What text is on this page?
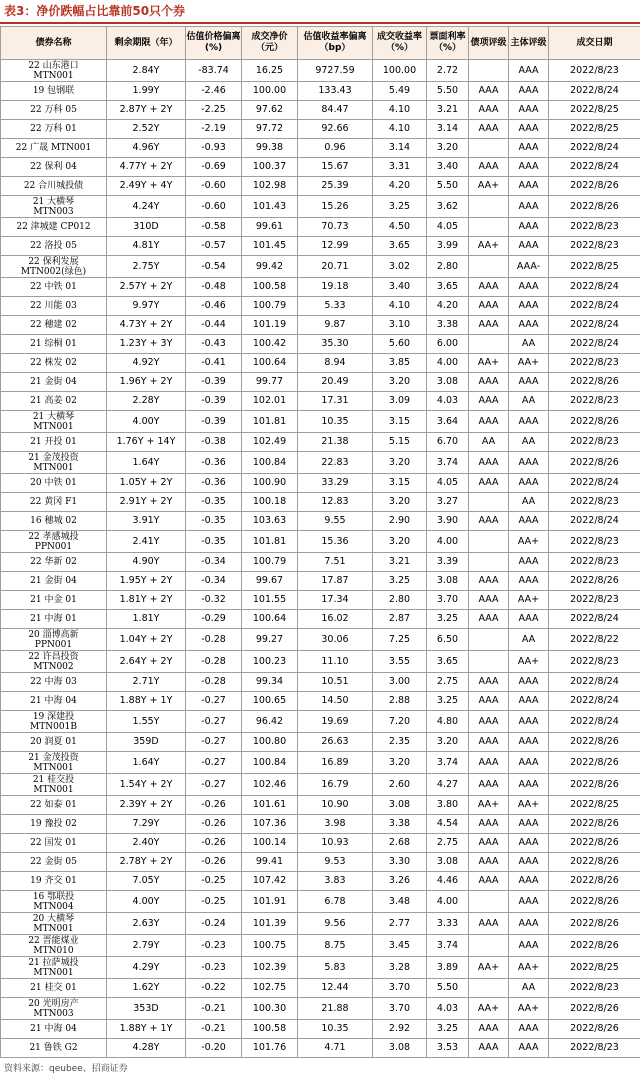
表3：净价跌幅占比靠前50只个券
债券名称	剩余期限（年）	估值价格偏离(%)	成交净价（元）	估值收益率偏离（bp）	成交收益率（%）	票面利率（%）	债项评级	主体评级	成交日期
22 山东港口
MTN001	2.84Y	-83.74	16.25	9727.59	100.00	2.72		AAA	2022/8/23
19 包钢联	1.99Y	-2.46	100.00	133.43	5.49	5.50	AAA	AAA	2022/8/24
22 万科 05	2.87Y + 2Y	-2.25	97.62	84.47	4.10	3.21	AAA	AAA	2022/8/25
22 万科 01	2.52Y	-2.19	97.72	92.66	4.10	3.14	AAA	AAA	2022/8/25
22 广晟 MTN001	4.96Y	-0.93	99.38	0.96	3.14	3.20		AAA	2022/8/24
22 保利 04	4.77Y + 2Y	-0.69	100.37	15.67	3.31	3.40	AAA	AAA	2022/8/24
22 合川城投债	2.49Y + 4Y	-0.60	102.98	25.39	4.20	5.50	AA+	AAA	2022/8/26
21 大横琴
MTN003	4.24Y	-0.60	101.43	15.26	3.25	3.62		AAA	2022/8/26
22 津城建 CP012	310D	-0.58	99.61	70.73	4.50	4.05		AAA	2022/8/23
22 洛投 05	4.81Y	-0.57	101.45	12.99	3.65	3.99	AA+	AAA	2022/8/23
22 保利发展
MTN002(绿色)	2.75Y	-0.54	99.42	20.71	3.02	2.80		AAA-	2022/8/25
22 中铁 01	2.57Y + 2Y	-0.48	100.58	19.18	3.40	3.65	AAA	AAA	2022/8/24
22 川能 03	9.97Y	-0.46	100.79	5.33	4.10	4.20	AAA	AAA	2022/8/24
22 穗建 02	4.73Y + 2Y	-0.44	101.19	9.87	3.10	3.38	AAA	AAA	2022/8/24
21 综桐 01	1.23Y + 3Y	-0.43	100.42	35.30	5.60	6.00		AA	2022/8/24
22 株发 02	4.92Y	-0.41	100.64	8.94	3.85	4.00	AA+	AA+	2022/8/23
21 金街 04	1.96Y + 2Y	-0.39	99.77	20.49	3.20	3.08	AAA	AAA	2022/8/26
21 高姜 02	2.28Y	-0.39	102.01	17.31	3.09	4.03	AAA	AA	2022/8/23
21 大横琴
MTN001	4.00Y	-0.39	101.81	10.35	3.15	3.64	AAA	AAA	2022/8/26
21 开投 01	1.76Y + 14Y	-0.38	102.49	21.38	5.15	6.70	AA	AA	2022/8/23
21 金茂投资
MTN001	1.64Y	-0.36	100.84	22.83	3.20	3.74	AAA	AAA	2022/8/26
20 中铁 01	1.05Y + 2Y	-0.36	100.90	33.29	3.15	4.05	AAA	AAA	2022/8/24
22 黄冈 F1	2.91Y + 2Y	-0.35	100.18	12.83	3.20	3.27		AA	2022/8/23
16 穗城 02	3.91Y	-0.35	103.63	9.55	2.90	3.90	AAA	AAA	2022/8/24
22 孝感城投
PPN001	2.41Y	-0.35	101.81	15.36	3.20	4.00		AA+	2022/8/23
22 华新 02	4.90Y	-0.34	100.79	7.51	3.21	3.39		AAA	2022/8/23
21 金街 04	1.95Y + 2Y	-0.34	99.67	17.87	3.25	3.08	AAA	AAA	2022/8/26
21 中金 01	1.81Y + 2Y	-0.32	101.55	17.34	2.80	3.70	AAA	AA+	2022/8/23
21 中海 01	1.81Y	-0.29	100.64	16.02	2.87	3.25	AAA	AAA	2022/8/24
20 淄博高新
PPN001	1.04Y + 2Y	-0.28	99.27	30.06	7.25	6.50		AA	2022/8/22
22 许昌投资
MTN002	2.64Y + 2Y	-0.28	100.23	11.10	3.55	3.65		AA+	2022/8/23
22 中海 03	2.71Y	-0.28	99.34	10.51	3.00	2.75	AAA	AAA	2022/8/24
21 中海 04	1.88Y + 1Y	-0.27	100.65	14.50	2.88	3.25	AAA	AAA	2022/8/24
19 深建投
MTN001B	1.55Y	-0.27	96.42	19.69	7.20	4.80	AAA	AAA	2022/8/24
20 润夏 01	359D	-0.27	100.80	26.63	2.35	3.20	AAA	AAA	2022/8/26
21 金茂投资
MTN001	1.64Y	-0.27	100.84	16.89	3.20	3.74	AAA	AAA	2022/8/26
21 桂交投
MTN001	1.54Y + 2Y	-0.27	102.46	16.79	2.60	4.27	AAA	AAA	2022/8/26
22 如泰 01	2.39Y + 2Y	-0.26	101.61	10.90	3.08	3.80	AA+	AA+	2022/8/25
19 豫投 02	7.29Y	-0.26	107.36	3.98	3.38	4.54	AAA	AAA	2022/8/26
22 国发 01	2.40Y	-0.26	100.14	10.93	2.68	2.75	AAA	AAA	2022/8/26
22 金街 05	2.78Y + 2Y	-0.26	99.41	9.53	3.30	3.08	AAA	AAA	2022/8/26
19 齐交 01	7.05Y	-0.25	107.42	3.83	3.26	4.46	AAA	AAA	2022/8/26
16 鄂联投
MTN004	4.00Y	-0.25	101.91	6.78	3.48	4.00		AAA	2022/8/26
20 大横琴
MTN001	2.63Y	-0.24	101.39	9.56	2.77	3.33	AAA	AAA	2022/8/26
22 晋能煤业
MTN010	2.79Y	-0.23	100.75	8.75	3.45	3.74		AAA	2022/8/26
21 拉萨城投
MTN001	4.29Y	-0.23	102.39	5.83	3.28	3.89	AA+	AA+	2022/8/25
21 桂交 01	1.62Y	-0.22	102.75	12.44	3.70	5.50		AA	2022/8/23
20 光明房产
MTN003	353D	-0.21	100.30	21.88	3.70	4.03	AA+	AA+	2022/8/26
21 中海 04	1.88Y + 1Y	-0.21	100.58	10.35	2.92	3.25	AAA	AAA	2022/8/26
21 鲁铁 G2	4.28Y	-0.20	101.76	4.71	3.08	3.53	AAA	AAA	2022/8/23
资料来源：qeubee、招商证券
